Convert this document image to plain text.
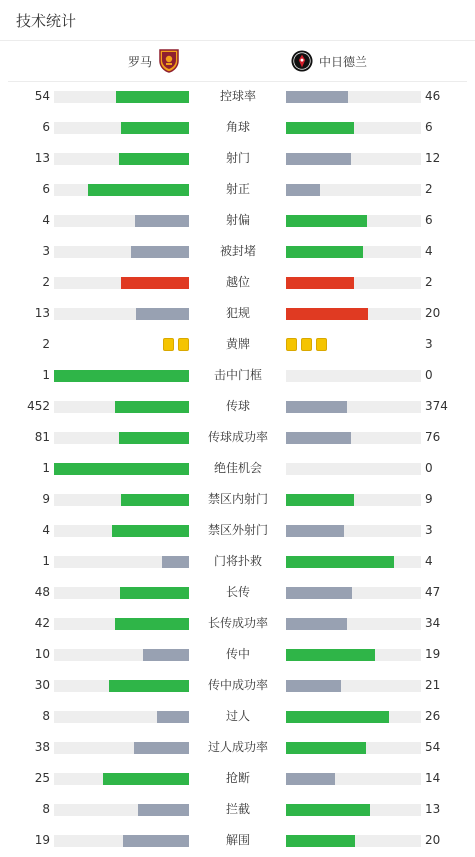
技术统计
罗马	中日德兰
54	控球率	46
6	角球	6
13	射门	12
6	射正	2
4	射偏	6
3	被封堵	4
2	越位	2
13	犯规	20
2	黄牌	3
1	击中门框	0
452	传球	374
81	传球成功率	76
1	绝佳机会	0
9	禁区内射门	9
4	禁区外射门	3
1	门将扑救	4
48	长传	47
42	长传成功率	34
10	传中	19
30	传中成功率	21
8	过人	26
38	过人成功率	54
25	抢断	14
8	拦截	13
19	解围	20
